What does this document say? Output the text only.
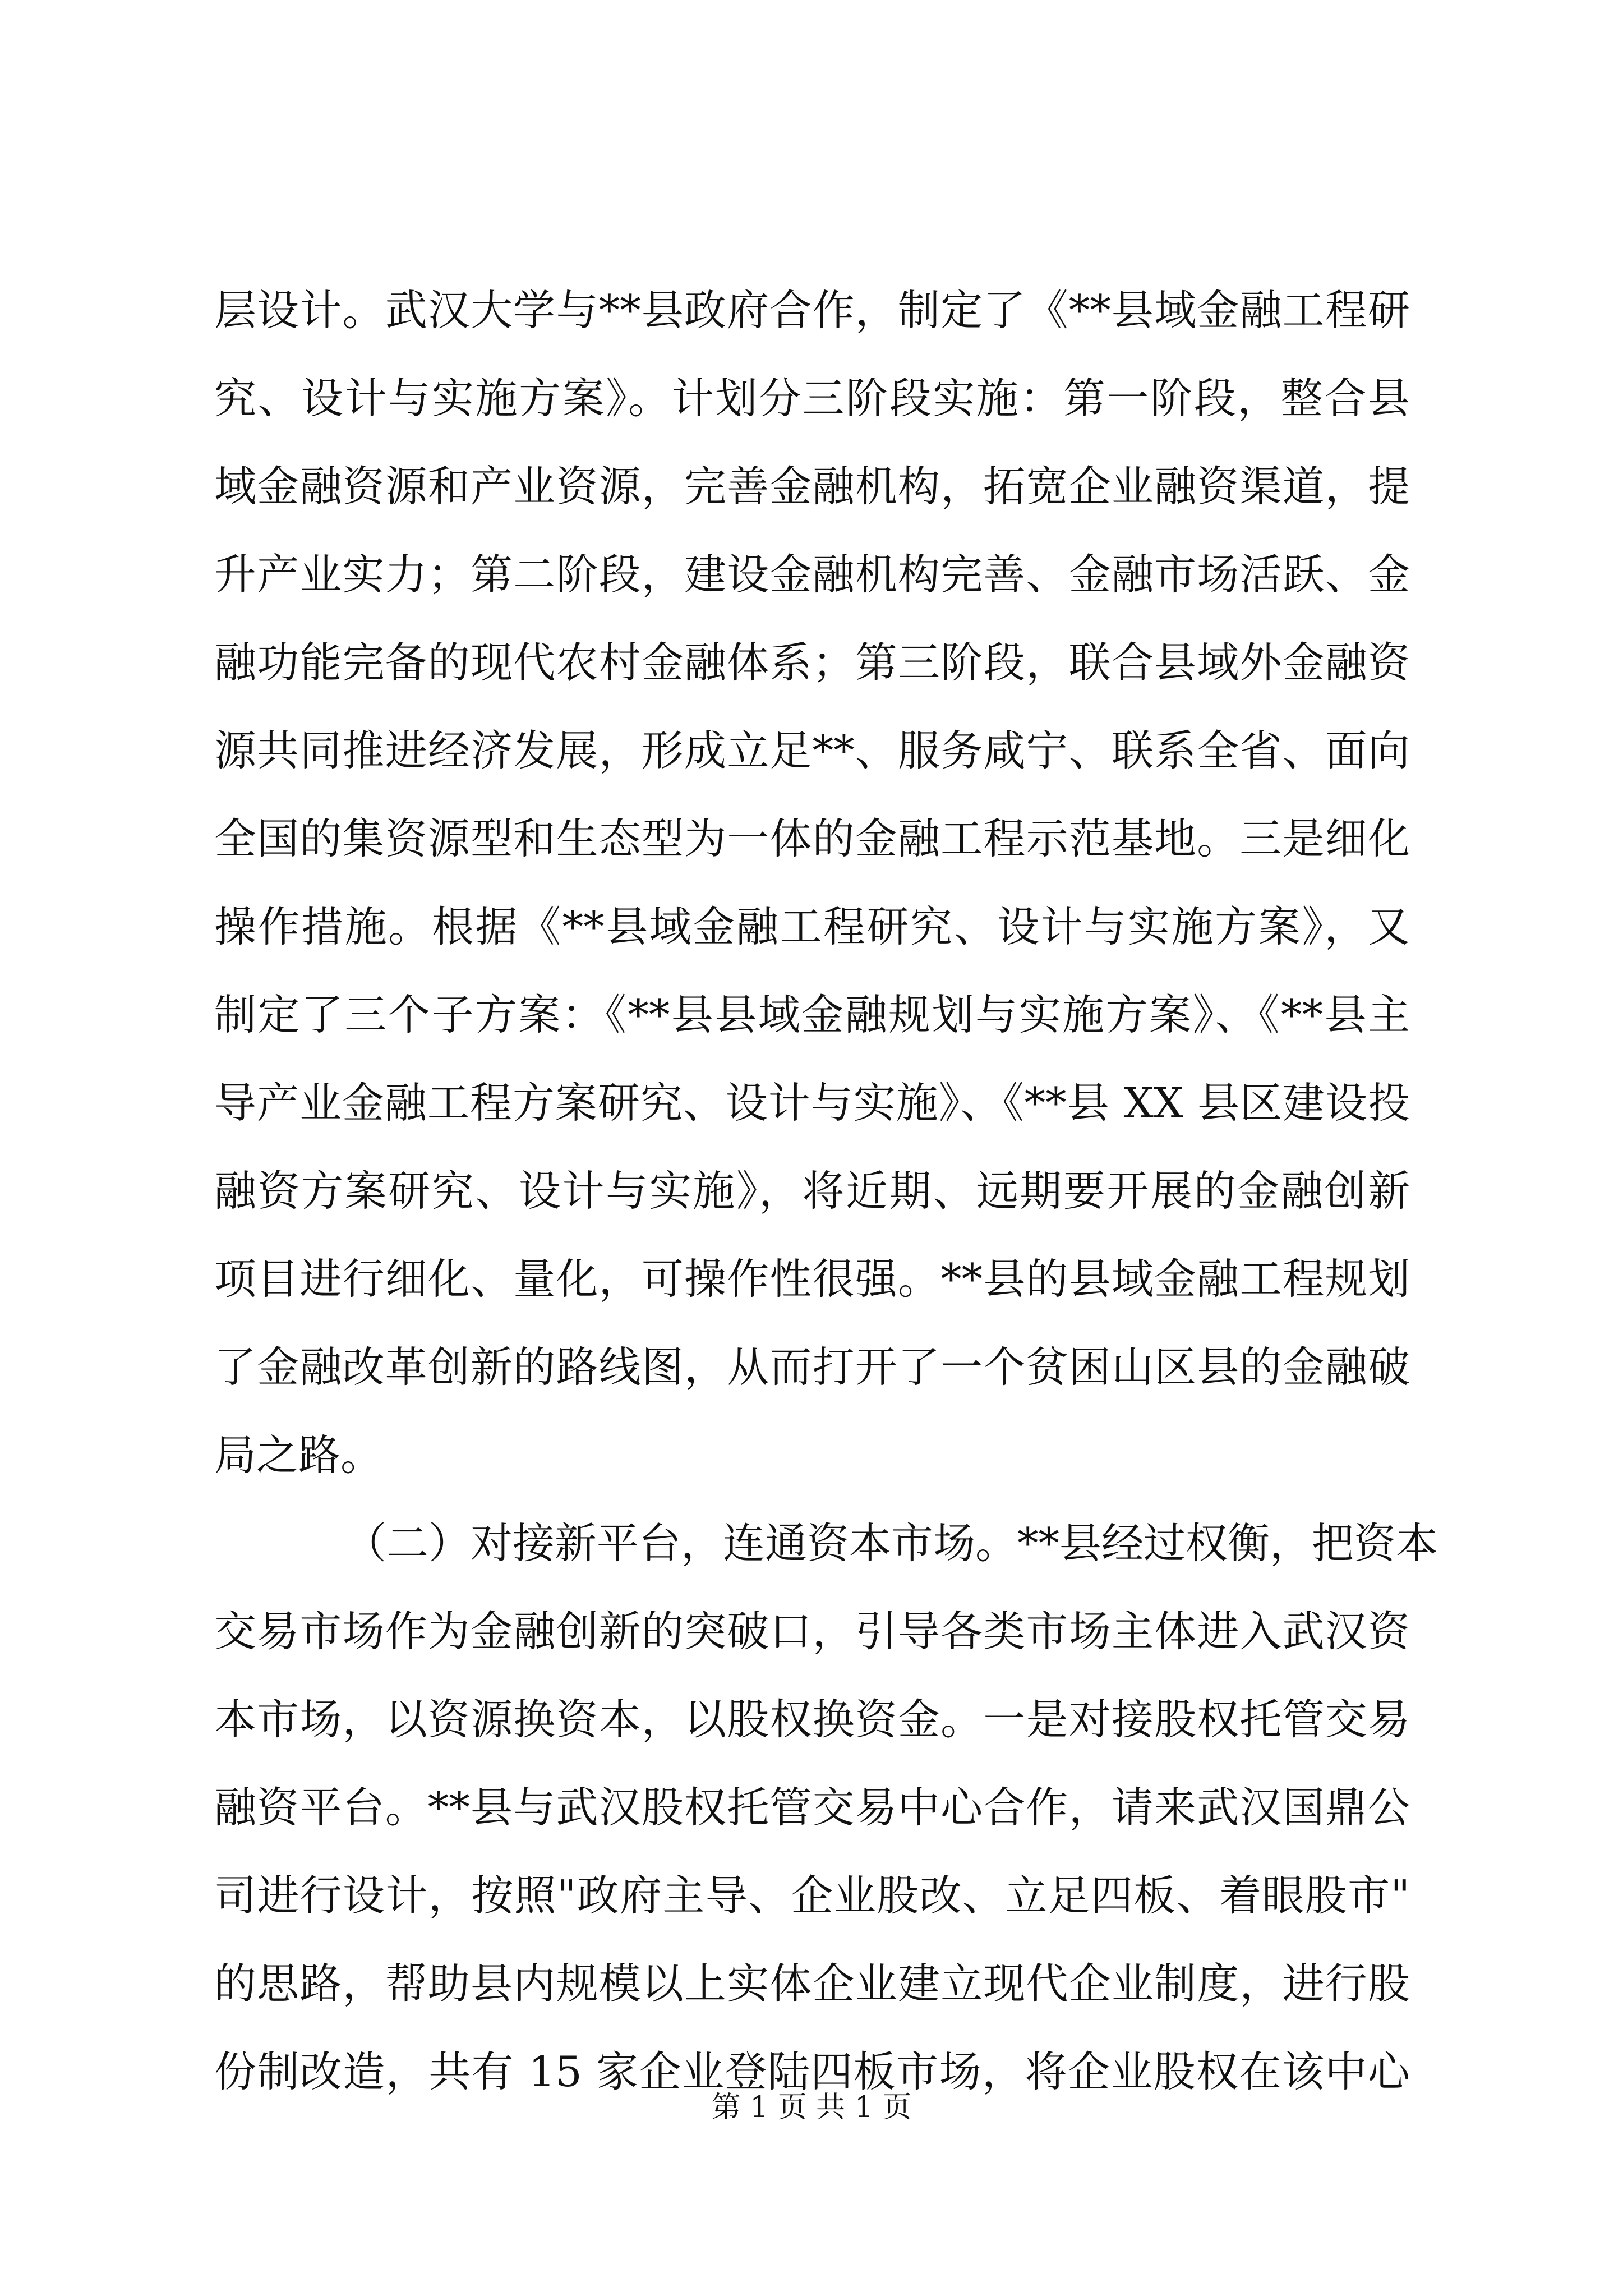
层设计。武汉大学与**县政府合作，制定了《**县域金融工程研
究、设计与实施方案》。计划分三阶段实施：第一阶段，整合县
域金融资源和产业资源，完善金融机构，拓宽企业融资渠道，提
升产业实力；第二阶段，建设金融机构完善、金融市场活跃、金
融功能完备的现代农村金融体系；第三阶段，联合县域外金融资
源共同推进经济发展，形成立足**、服务咸宁、联系全省、面向
全国的集资源型和生态型为一体的金融工程示范基地。三是细化
操作措施。根据《**县域金融工程研究、设计与实施方案》，又
制定了三个子方案：《**县县域金融规划与实施方案》、《**县主
导产业金融工程方案研究、设计与实施》、《**县 XX 县区建设投
融资方案研究、设计与实施》，将近期、远期要开展的金融创新
项目进行细化、量化，可操作性很强。**县的县域金融工程规划
了金融改革创新的路线图，从而打开了一个贫困山区县的金融破
局之路。
（二）对接新平台，连通资本市场。**县经过权衡，把资本
交易市场作为金融创新的突破口，引导各类市场主体进入武汉资
本市场，以资源换资本，以股权换资金。一是对接股权托管交易
融资平台。**县与武汉股权托管交易中心合作，请来武汉国鼎公
司进行设计，按照"政府主导、企业股改、立足四板、着眼股市"
的思路，帮助县内规模以上实体企业建立现代企业制度，进行股
份制改造，共有 15 家企业登陆四板市场，将企业股权在该中心
第 1 页 共 1 页
